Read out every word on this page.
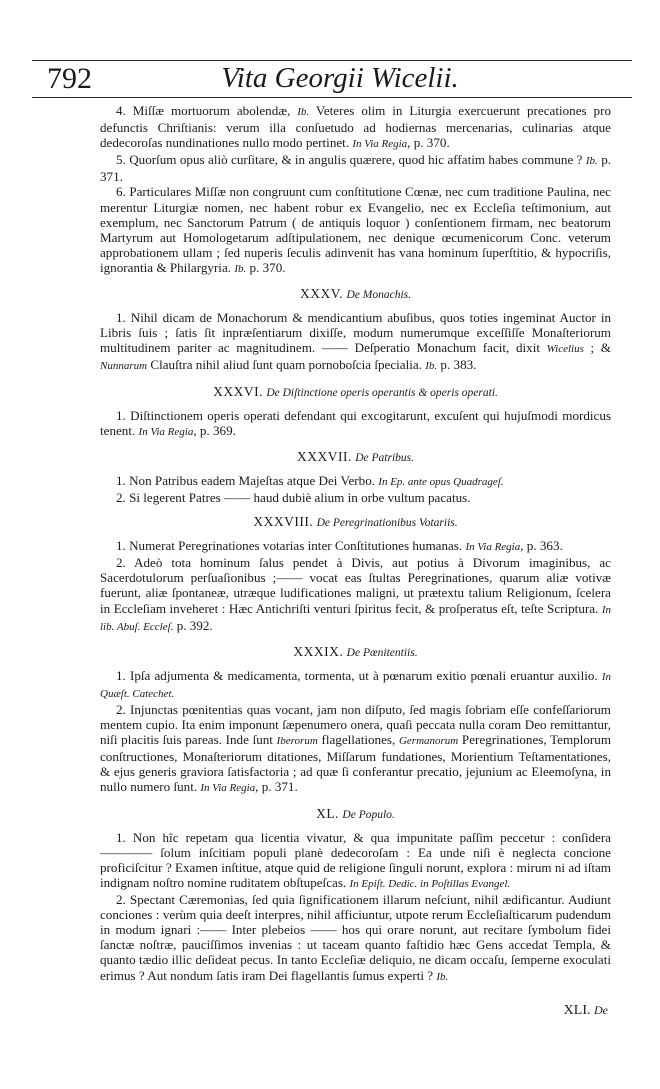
792	Vita Georgii Wicelii.

4. Miſſæ mortuorum abolendæ, Ib. Veteres olim in Liturgia exercuerunt precationes pro defunctis Chriſtianis: verum illa conſuetudo ad hodiernas mercenarias, culinarias atque dedecoroſas nundinationes nullo modo pertinet. In Via Regia, p. 370.

5. Quorſum opus aliò curſitare, & in angulis quærere, quod hic affatim habes commune ? Ib. p. 371.

6. Particulares Miſſæ non congruunt cum conſtitutione Cœnæ, nec cum traditione Paulina, nec merentur Liturgiæ nomen, nec habent robur ex Evangelio, nec ex Eccleſia teſtimonium, aut exemplum, nec Sanctorum Patrum ( de antiquis loquor ) conſentionem firmam, nec beatorum Martyrum aut Homologetarum adſtipulationem, nec denique œcumenicorum Conc. veterum approbationem ullam ; ſed nuperis ſeculis adinvenit has vana hominum ſuperſtitio, & hypocriſis, ignorantia & Philargyria. Ib. p. 370.

XXXV. De Monachis.

1. Nihil dicam de Monachorum & mendicantium abuſibus, quos toties ingeminat Auctor in Libris ſuis ; ſatis ſit inpræſentiarum dixiſſe, modum numerumque exceſſiſſe Monaſteriorum multitudinem pariter ac magnitudinem. —— Deſperatio Monachum facit, dixit Wicelius ; & Nunnarum Clauſtra nihil aliud ſunt quam pornoboſcia ſpecialia. Ib. p. 383.

XXXVI. De Diſtinctione operis operantis & operis operati.

1. Diſtinctionem operis operati defendant qui excogitarunt, excuſent qui hujuſmodi mordicus tenent. In Via Regia, p. 369.

XXXVII. De Patribus.

1. Non Patribus eadem Majeſtas atque Dei Verbo. In Ep. ante opus Quadrageſ.

2. Si legerent Patres —— haud dubiè alium in orbe vultum pacatus.

XXXVIII. De Peregrinationibus Votariis.

1. Numerat Peregrinationes votarias inter Conſtitutiones humanas. In Via Regia, p. 363.

2. Adeò tota hominum ſalus pendet à Divis, aut potius à Divorum imaginibus, ac Sacerdotulorum perſuaſionibus ;—— vocat eas ſtultas Peregrinationes, quarum aliæ votivæ fuerunt, aliæ ſpontaneæ, utræque ludificationes maligni, ut prætextu talium Religionum, ſcelera in Eccleſiam inveheret : Hæc Antichriſti venturi ſpiritus fecit, & proſperatus eſt, teſte Scriptura. In lib. Abuſ. Eccleſ. p. 392.

XXXIX. De Pœnitentiis.

1. Ipſa adjumenta & medicamenta, tormenta, ut à pœnarum exitio pœnali eruantur auxilio. In Quæſt. Catechet.

2. Injunctas pœnitentias quas vocant, jam non diſputo, ſed magis ſobriam eſſe confeſſariorum mentem cupio. Ita enim imponunt ſæpenumero onera, quaſi peccata nulla coram Deo remittantur, niſi placitis ſuis pareas. Inde ſunt Iberorum flagellationes, Germanorum Peregrinationes, Templorum conſtructiones, Monaſteriorum ditationes, Miſſarum fundationes, Morientium Teſtamentationes, & ejus generis graviora ſatisfactoria ; ad quæ ſi conferantur precatio, jejunium ac Eleemoſyna, in nullo numero ſunt. In Via Regia, p. 371.

XL. De Populo.

1. Non hîc repetam qua licentia vivatur, & qua impunitate paſſim peccetur : conſidera———— ſolum inſcitiam populi planè dedecoroſam : Ea unde niſi è neglecta concione proficiſcitur ? Examen inſtitue, atque quid de religione ſinguli norunt, explora : mirum ni ad iſtam indignam noſtro nomine ruditatem obſtupeſcas. In Epiſt. Dedic. in Poſtillas Evangel.

2. Spectant Cæremonias, ſed quia ſignificationem illarum neſciunt, nihil ædificantur. Audiunt conciones : verùm quia deeſt interpres, nihil afficiuntur, utpote rerum Eccleſiaſticarum pudendum in modum ignari :—— Inter plebeios —— hos qui orare norunt, aut recitare ſymbolum fidei ſanctæ noſtræ, pauciſſimos invenias : ut taceam quanto faſtidio hæc Gens accedat Templa, & quanto tædio illic deſideat pecus. In tanto Eccleſiæ deliquio, ne dicam occaſu, ſemperne exoculati erimus ? Aut nondum ſatis iram Dei flagellantis ſumus experti ? Ib.

XLI. De
